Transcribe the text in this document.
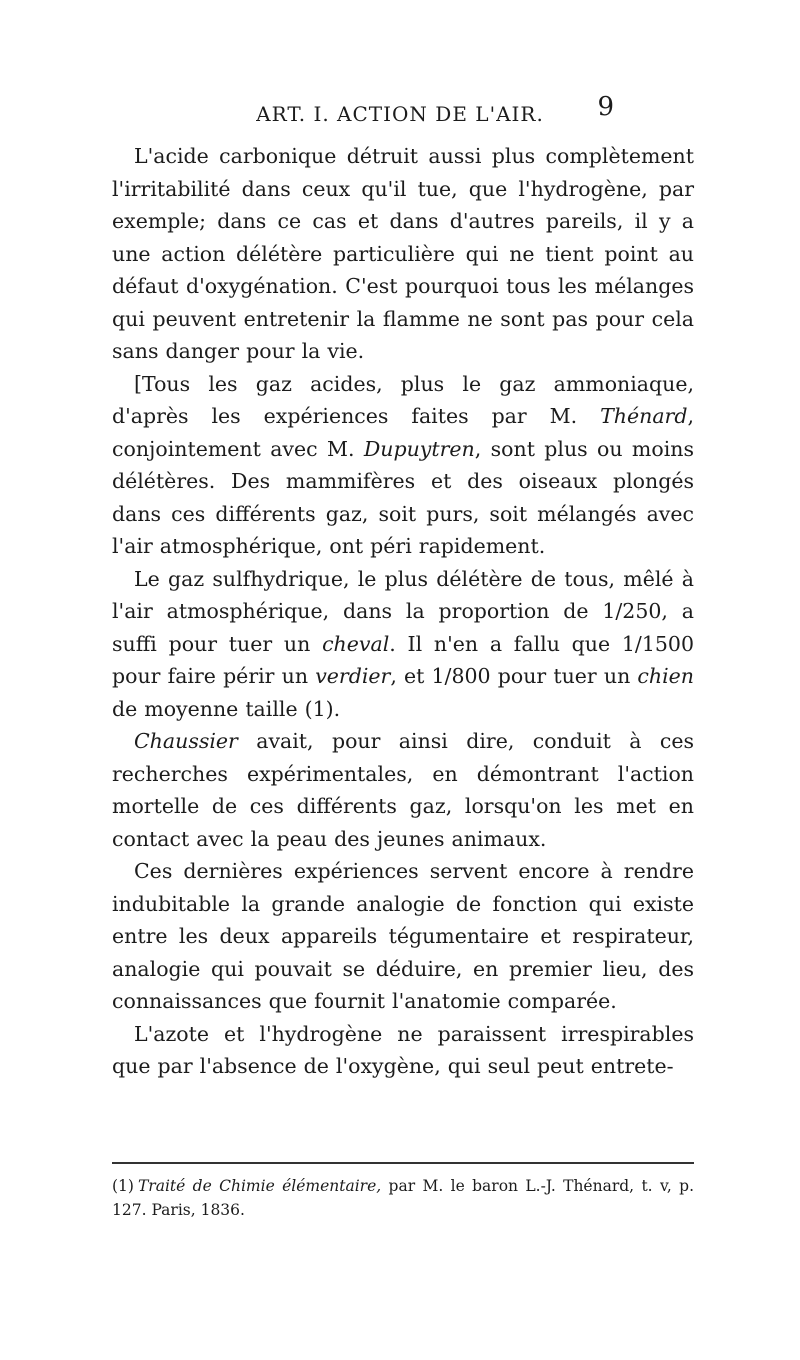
ART. I. ACTION DE L'AIR.	9

L'acide carbonique détruit aussi plus complètement l'irritabilité dans ceux qu'il tue, que l'hydrogène, par exemple; dans ce cas et dans d'autres pareils, il y a une action délétère particulière qui ne tient point au défaut d'oxygénation. C'est pourquoi tous les mélanges qui peuvent entretenir la flamme ne sont pas pour cela sans danger pour la vie.

[Tous les gaz acides, plus le gaz ammoniaque, d'après les expériences faites par M. Thénard, conjointement avec M. Dupuytren, sont plus ou moins délétères. Des mammifères et des oiseaux plongés dans ces différents gaz, soit purs, soit mélangés avec l'air atmosphérique, ont péri rapidement.

Le gaz sulfhydrique, le plus délétère de tous, mêlé à l'air atmosphérique, dans la proportion de 1/250, a suffi pour tuer un cheval. Il n'en a fallu que 1/1500 pour faire périr un verdier, et 1/800 pour tuer un chien de moyenne taille (1).

Chaussier avait, pour ainsi dire, conduit à ces recherches expérimentales, en démontrant l'action mortelle de ces différents gaz, lorsqu'on les met en contact avec la peau des jeunes animaux.

Ces dernières expériences servent encore à rendre indubitable la grande analogie de fonction qui existe entre les deux appareils tégumentaire et respirateur, analogie qui pouvait se déduire, en premier lieu, des connaissances que fournit l'anatomie comparée.

L'azote et l'hydrogène ne paraissent irrespirables que par l'absence de l'oxygène, qui seul peut entrete-

(1) Traité de Chimie élémentaire, par M. le baron L.-J. Thénard, t. v, p. 127. Paris, 1836.
